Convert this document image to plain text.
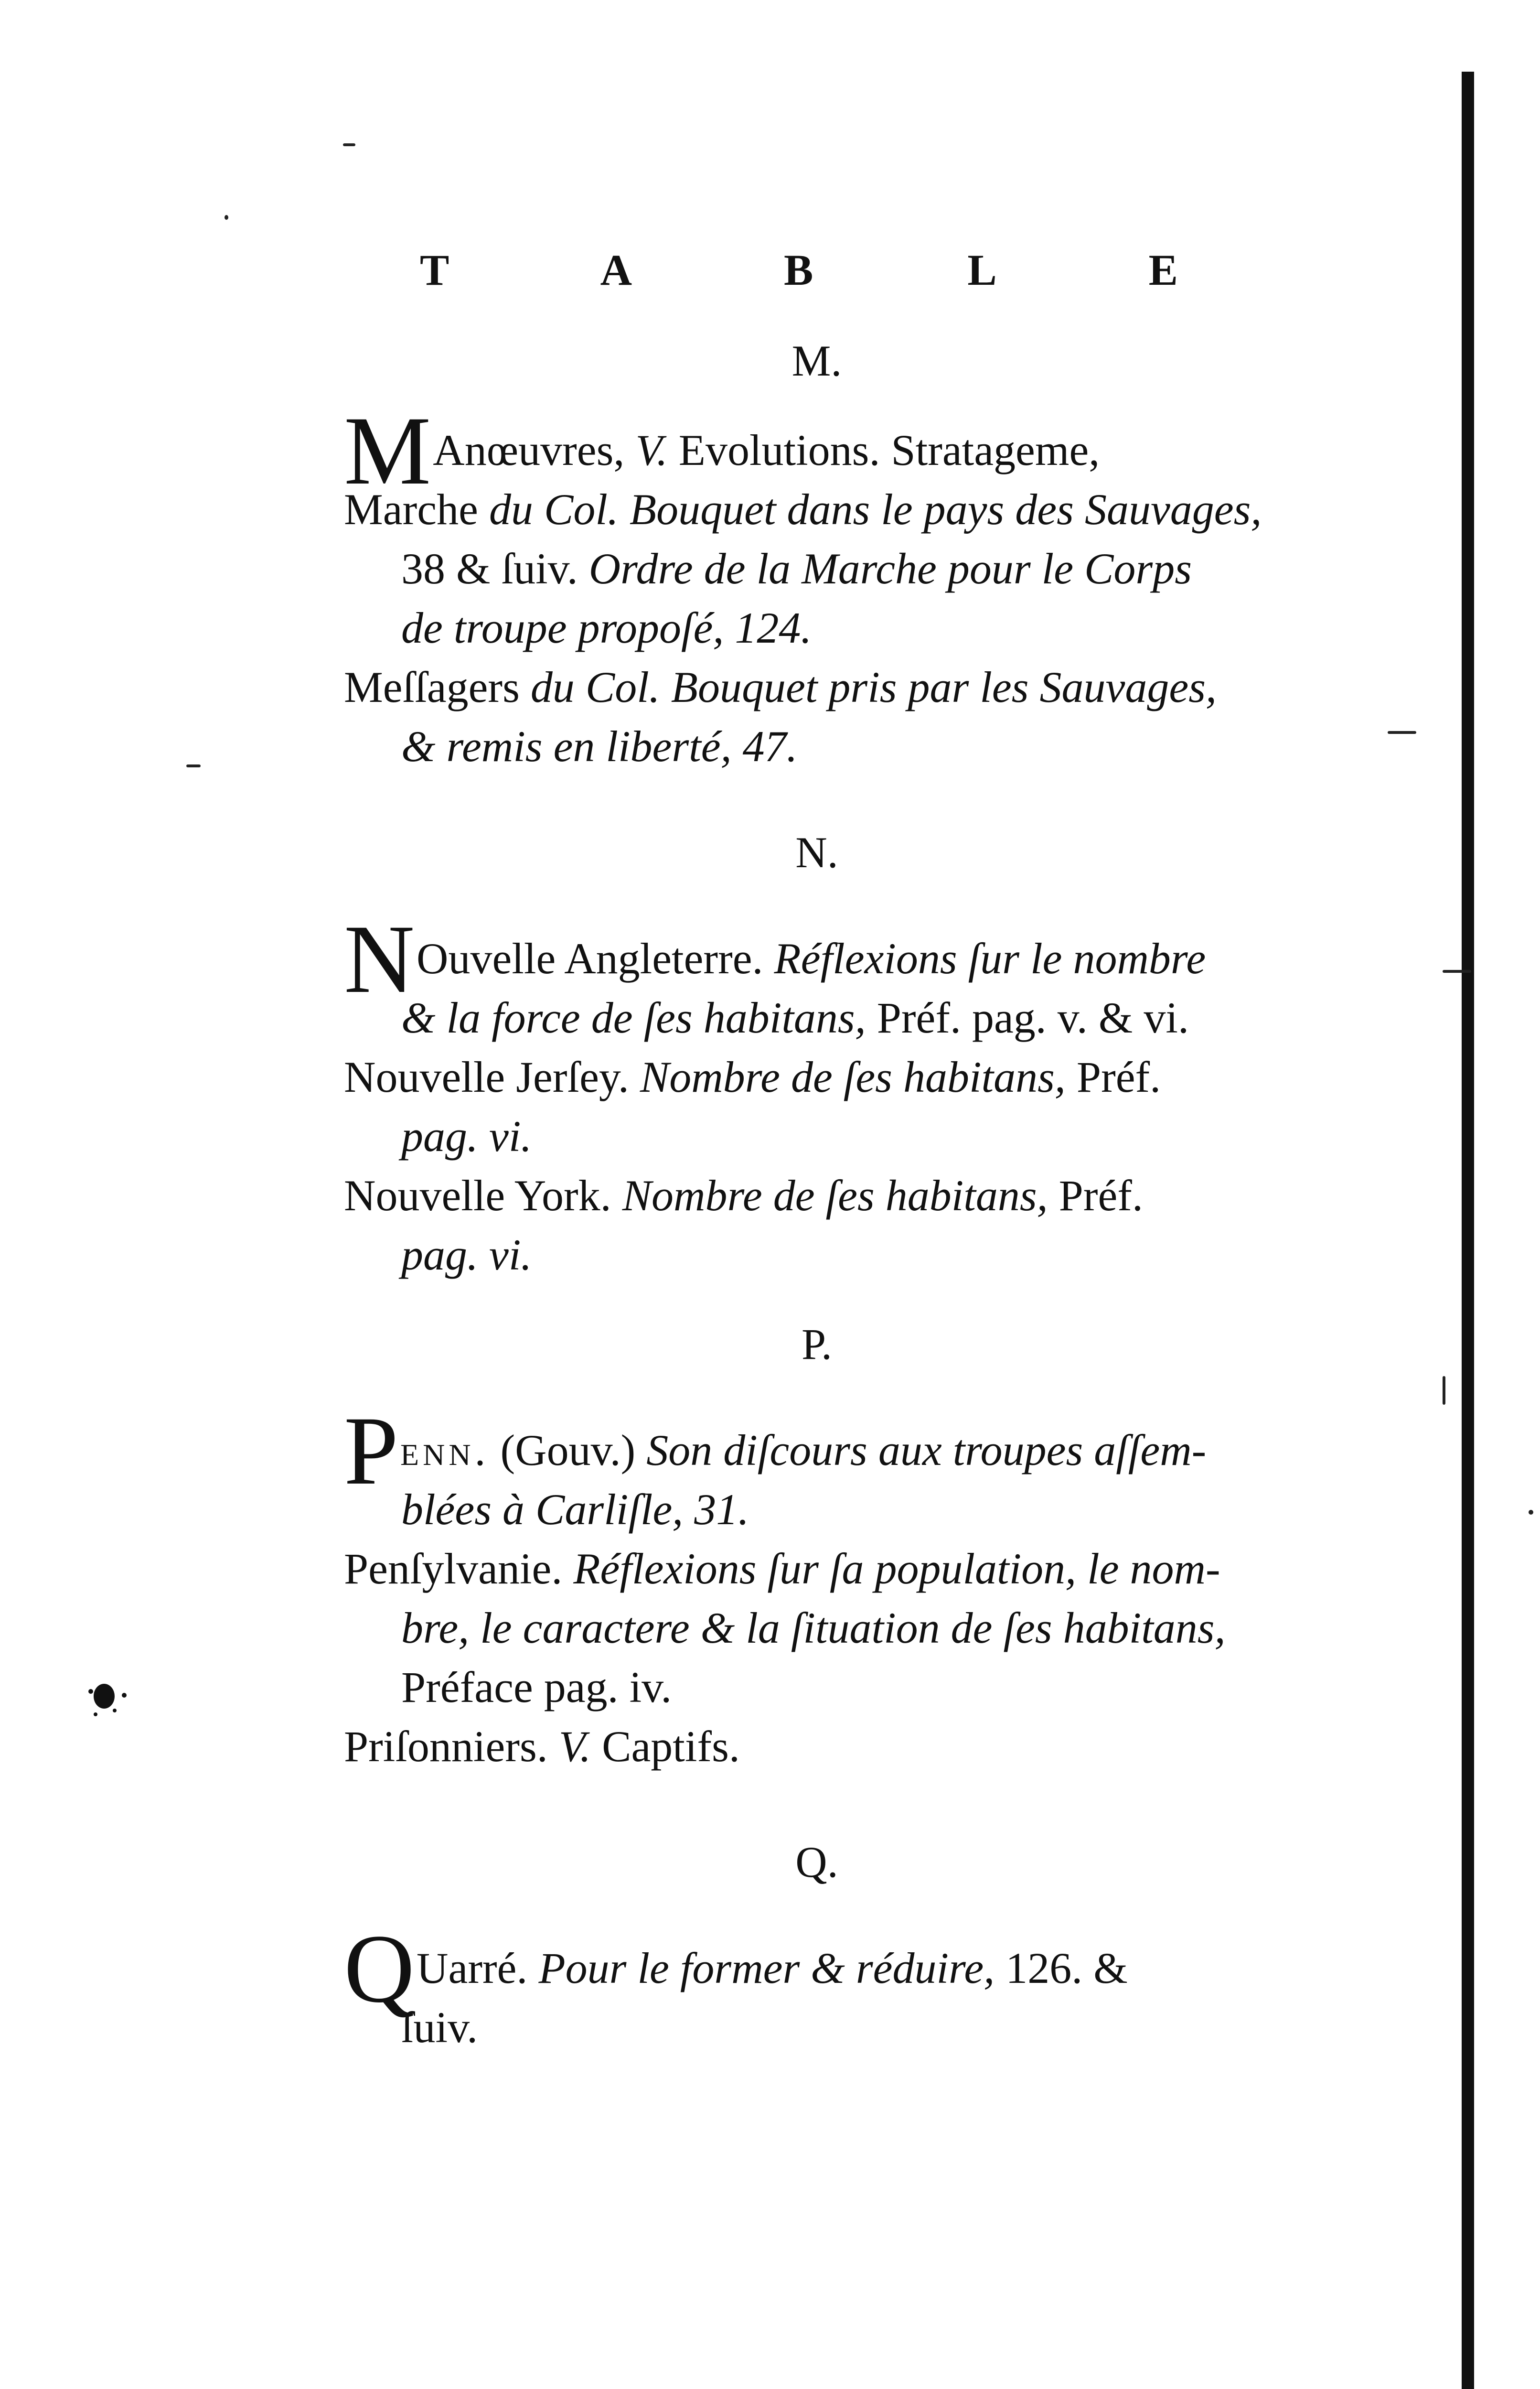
T A B L E
M.
M Anœuvres, V. Evolutions. Stratageme,
Marche du Col. Bouquet dans le pays des Sauvages,
38 & ſuiv. Ordre de la Marche pour le Corps
de troupe propoſé, 124.
Meſſagers du Col. Bouquet pris par les Sauvages,
& remis en liberté, 47.
N.
N Ouvelle Angleterre. Réflexions ſur le nombre
& la force de ſes habitans, Préf. pag. v. & vi.
Nouvelle Jerſey. Nombre de ſes habitans, Préf.
pag. vi.
Nouvelle York. Nombre de ſes habitans, Préf.
pag. vi.
P.
Penn. (Gouv.) Son diſcours aux troupes aſſem-
blées à Carliſle, 31.
Penſylvanie. Réflexions ſur ſa population, le nom-
bre, le caractere & la ſituation de ſes habitans,
Préface pag. iv.
Priſonniers. V. Captifs.
Q.
Q Uarré. Pour le former & réduire, 126. &
ſuiv.
